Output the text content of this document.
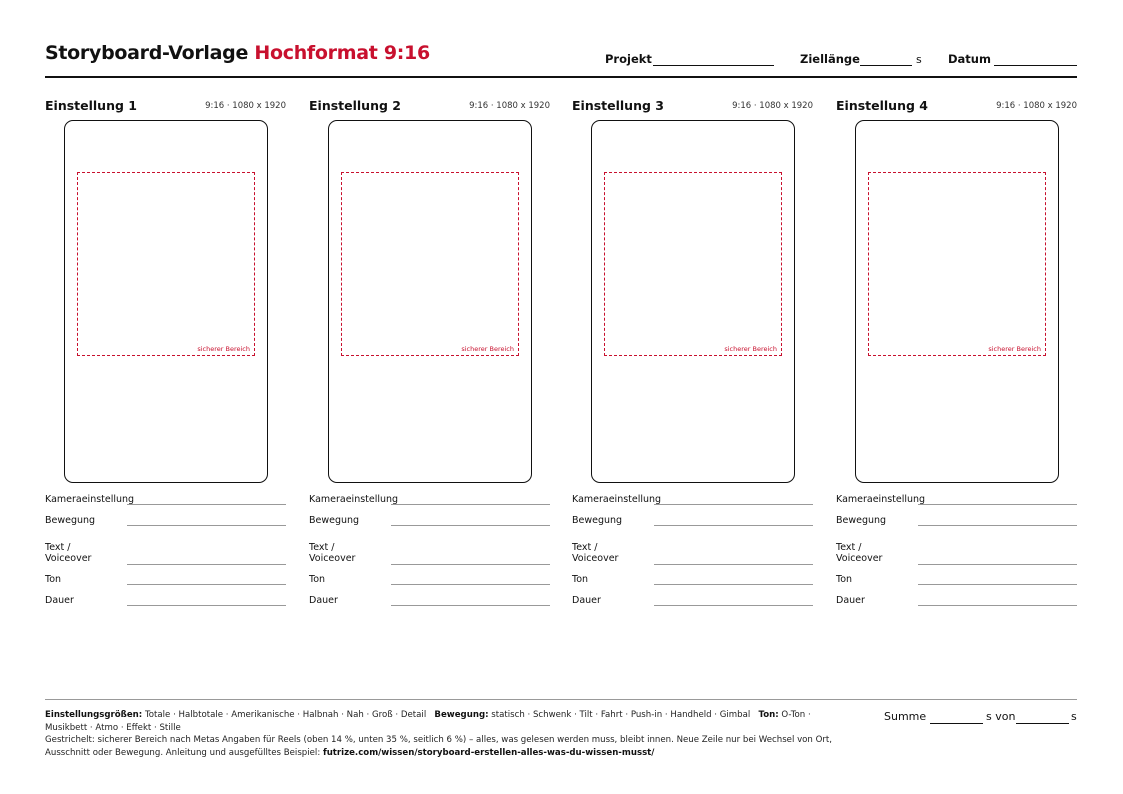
Storyboard-Vorlage Hochformat 9:16	Projekt	Ziellänge	s Datum
Einstellung 1	9:16 · 1080 x 1920
sicherer Bereich
Kameraeinstellung
Bewegung
Text /
Voiceover
Ton
Dauer
Einstellung 2	9:16 · 1080 x 1920
sicherer Bereich
Kameraeinstellung
Bewegung
Text /
Voiceover
Ton
Dauer
Einstellung 3	9:16 · 1080 x 1920
sicherer Bereich
Kameraeinstellung
Bewegung
Text /
Voiceover
Ton
Dauer
Einstellung 4	9:16 · 1080 x 1920
sicherer Bereich
Kameraeinstellung
Bewegung
Text /
Voiceover
Ton
Dauer
Einstellungsgrößen: Totale · Halbtotale · Amerikanische · Halbnah · Nah · Groß · Detail Bewegung: statisch · Schwenk · Tilt · Fahrt · Push-in · Handheld · Gimbal Ton: O-Ton · Musikbett · Atmo · Effekt · Stille
Gestrichelt: sicherer Bereich nach Metas Angaben für Reels (oben 14 %, unten 35 %, seitlich 6 %) – alles, was gelesen werden muss, bleibt innen. Neue Zeile nur bei Wechsel von Ort, Ausschnitt oder Bewegung. Anleitung und ausgefülltes Beispiel: futrize.com/wissen/storyboard-erstellen-alles-was-du-wissen-musst/
Summe	s von	s
